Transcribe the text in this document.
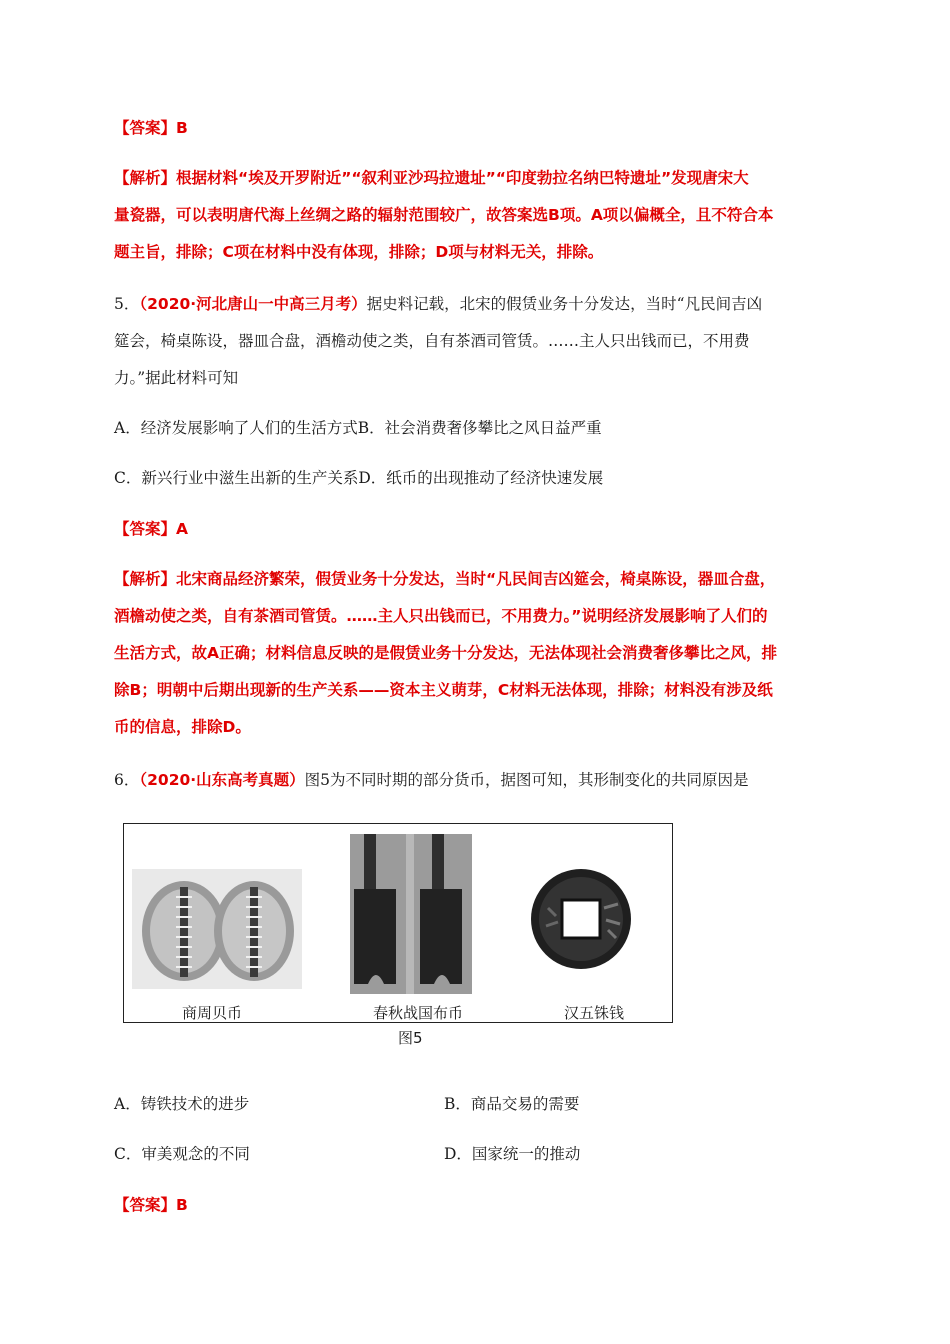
【答案】B
【解析】根据材料“埃及开罗附近”“叙利亚沙玛拉遗址”“印度勃拉名纳巴特遗址”发现唐宋大
量瓷器，可以表明唐代海上丝绸之路的辐射范围较广，故答案选B项。A项以偏概全，且不符合本
题主旨，排除；C项在材料中没有体现，排除；D项与材料无关，排除。
5．（2020·河北唐山一中高三月考）据史料记载，北宋的假赁业务十分发达，当时“凡民间吉凶
筵会，椅桌陈设，器皿合盘，酒檐动使之类，自有茶酒司管赁。……主人只出钱而已，不用费
力。”据此材料可知
A．经济发展影响了人们的生活方式B．社会消费奢侈攀比之风日益严重
C．新兴行业中滋生出新的生产关系D．纸币的出现推动了经济快速发展
【答案】A
【解析】北宋商品经济繁荣，假赁业务十分发达，当时“凡民间吉凶筵会，椅桌陈设，器皿合盘，
酒檐动使之类，自有茶酒司管赁。……主人只出钱而已，不用费力。”说明经济发展影响了人们的
生活方式，故A正确；材料信息反映的是假赁业务十分发达，无法体现社会消费奢侈攀比之风，排
除B；明朝中后期出现新的生产关系——资本主义萌芽，C材料无法体现，排除；材料没有涉及纸
币的信息，排除D。
6．（2020·山东高考真题）图5为不同时期的部分货币，据图可知，其形制变化的共同原因是
商周贝币	春秋战国布币	汉五铢钱
图5
A．铸铁技术的进步	B．商品交易的需要
C．审美观念的不同	D．国家统一的推动
【答案】B
